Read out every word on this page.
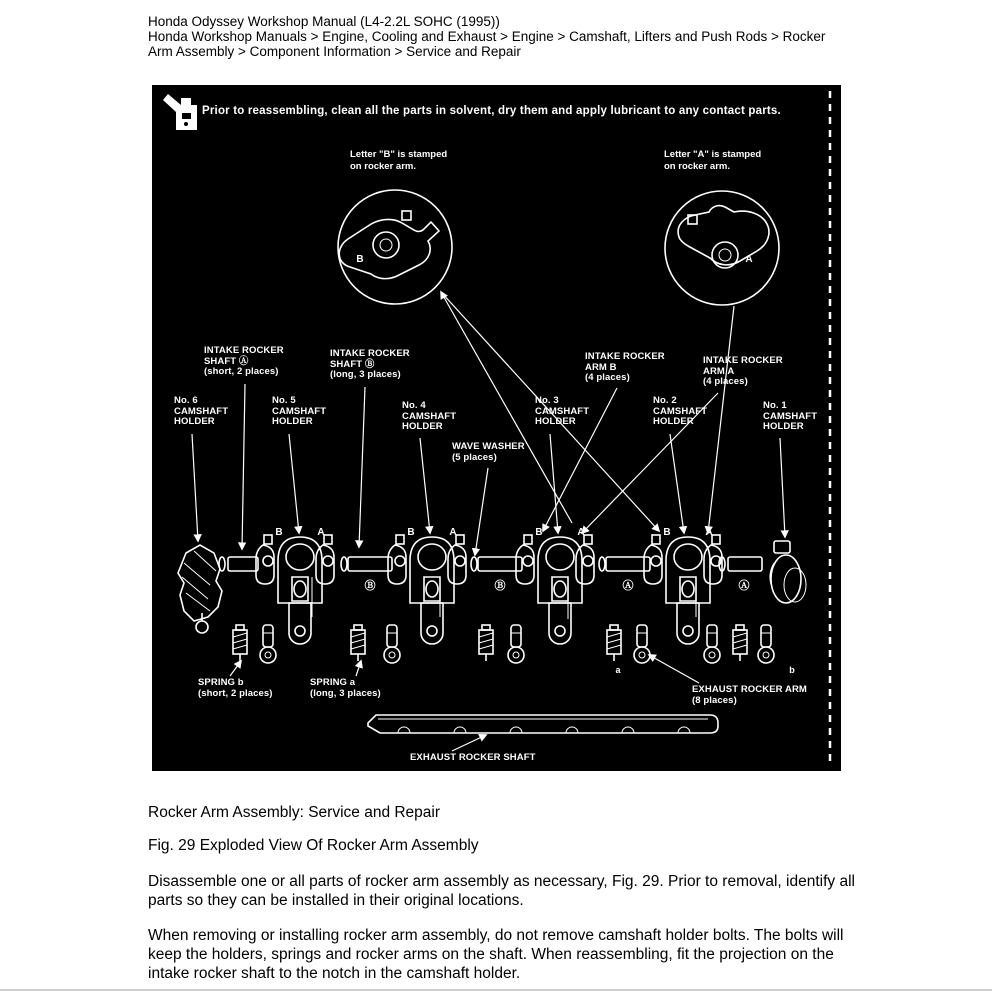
Honda Odyssey Workshop Manual (L4-2.2L SOHC (1995))
Honda Workshop Manuals > Engine, Cooling and Exhaust > Engine > Camshaft, Lifters and Push Rods > Rocker Arm Assembly > Component Information > Service and Repair
Prior to reassembling, clean all the parts in solvent, dry them and apply lubricant to any contact parts.
B	A
B	A	B	A	B	A	B	A
Ⓑ	Ⓑ	Ⓐ	Ⓐ
a	b
Letter "B" is stamped
on rocker arm.
Letter "A" is stamped
on rocker arm.
INTAKE ROCKER
SHAFT Ⓐ
(short, 2 places)
INTAKE ROCKER
SHAFT Ⓑ
(long, 3 places)
INTAKE ROCKER
ARM B
(4 places)
INTAKE ROCKER
ARM A
(4 places)
No. 6
CAMSHAFT
HOLDER
No. 5
CAMSHAFT
HOLDER
No. 4
CAMSHAFT
HOLDER
No. 3
CAMSHAFT
HOLDER
No. 2
CAMSHAFT
HOLDER
No. 1
CAMSHAFT
HOLDER
WAVE WASHER
(5 places)
SPRING b
(short, 2 places)
SPRING a
(long, 3 places)	EXHAUST ROCKER ARM
(8 places)
EXHAUST ROCKER SHAFT
Rocker Arm Assembly: Service and Repair
Fig. 29 Exploded View Of Rocker Arm Assembly
Disassemble one or all parts of rocker arm assembly as necessary, Fig. 29. Prior to removal, identify all parts so they can be installed in their original locations.
When removing or installing rocker arm assembly, do not remove camshaft holder bolts. The bolts will keep the holders, springs and rocker arms on the shaft. When reassembling, fit the projection on the intake rocker shaft to the notch in the camshaft holder.
